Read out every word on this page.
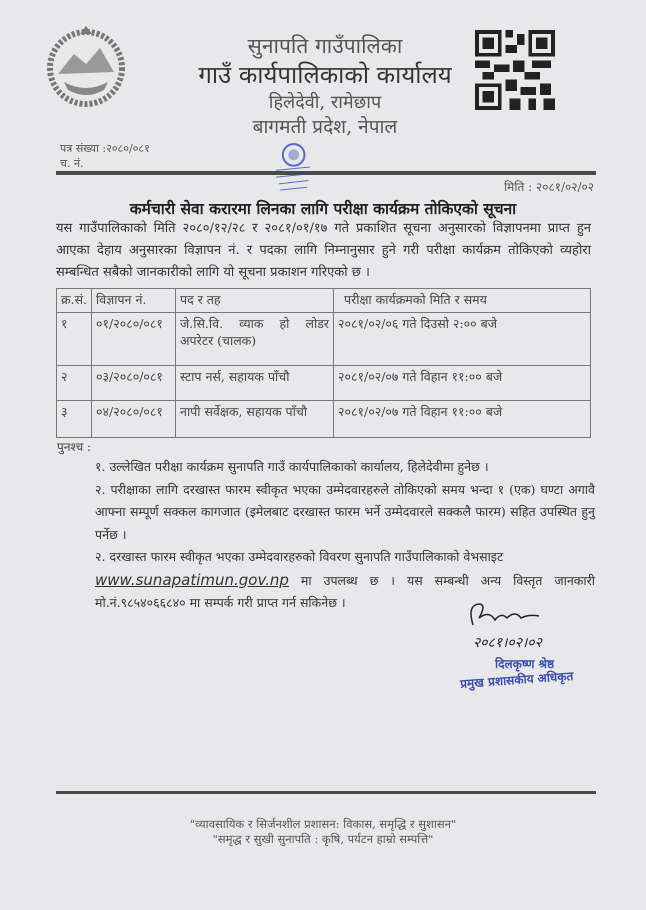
सुनापति गाउँपालिका
गाउँ कार्यपालिकाको कार्यालय
हिलेदेवी, रामेछाप
बागमती प्रदेश, नेपाल
पत्र संख्या :२०८०/०८१
च. नं.
मिति : २०८१/०२/०२
कर्मचारी सेवा करारमा लिनका लागि परीक्षा कार्यक्रम तोकिएको सूचना
यस गाउँपालिकाको मिति २०८०/१२/२८ र २०८१/०१/१७ गते प्रकाशित सूचना अनुसारको विज्ञापनमा प्राप्त हुन आएका देहाय अनुसारका विज्ञापन नं. र पदका लागि निम्नानुसार हुने गरी परीक्षा कार्यक्रम तोकिएको व्यहोरा सम्बन्धित सबैको जानकारीको लागि यो सूचना प्रकाशन गरिएको छ ।
क्र.सं.	विज्ञापन नं.	पद र तह	परीक्षा कार्यक्रमको मिति र समय
१	०१/२०८०/०८१	जे.सि.वि. व्याक हो लोडर अपरेटर (चालक)	२०८१/०२/०६ गते दिउसो २:०० बजे
२	०३/२०८०/०८१	स्टाप नर्स, सहायक पाँचौ	२०८१/०२/०७ गते विहान ११:०० बजे
३	०४/२०८०/०८१	नापी सर्वेक्षक, सहायक पाँचौ	२०८१/०२/०७ गते विहान ११:०० बजे
पुनश्च :

१. उल्लेखित परीक्षा कार्यक्रम सुनापति गाउँ कार्यपालिकाको कार्यालय, हिलेदेवीमा हुनेछ ।

२. परीक्षाका लागि दरखास्त फारम स्वीकृत भएका उम्मेदवारहरुले तोकिएको समय भन्दा १ (एक) घण्टा अगावै आफ्ना सम्पूर्ण सक्कल कागजात (इमेलबाट दरखास्त फारम भर्ने उम्मेदवारले सक्कलै फारम) सहित उपस्थित हुनु पर्नेछ ।

२. दरखास्त फारम स्वीकृत भएका उम्मेदवारहरुको विवरण सुनापति गाउँपालिकाको वेभसाइट
www.sunapatimun.gov.np मा उपलब्ध छ । यस सम्बन्धी अन्य विस्तृत जानकारी मो.नं.९८५४०६६८४० मा सम्पर्क गरी प्राप्त गर्न सकिनेछ ।

२०८१।०२।०२
दिलकृष्ण श्रेष्ठ
प्रमुख प्रशासकीय अधिकृत
"व्यावसायिक र सिर्जनशील प्रशासन: विकास, समृद्धि र सुशासन"
"समृद्ध र सुखी सुनापति : कृषि, पर्यटन हाम्रो सम्पत्ति"
